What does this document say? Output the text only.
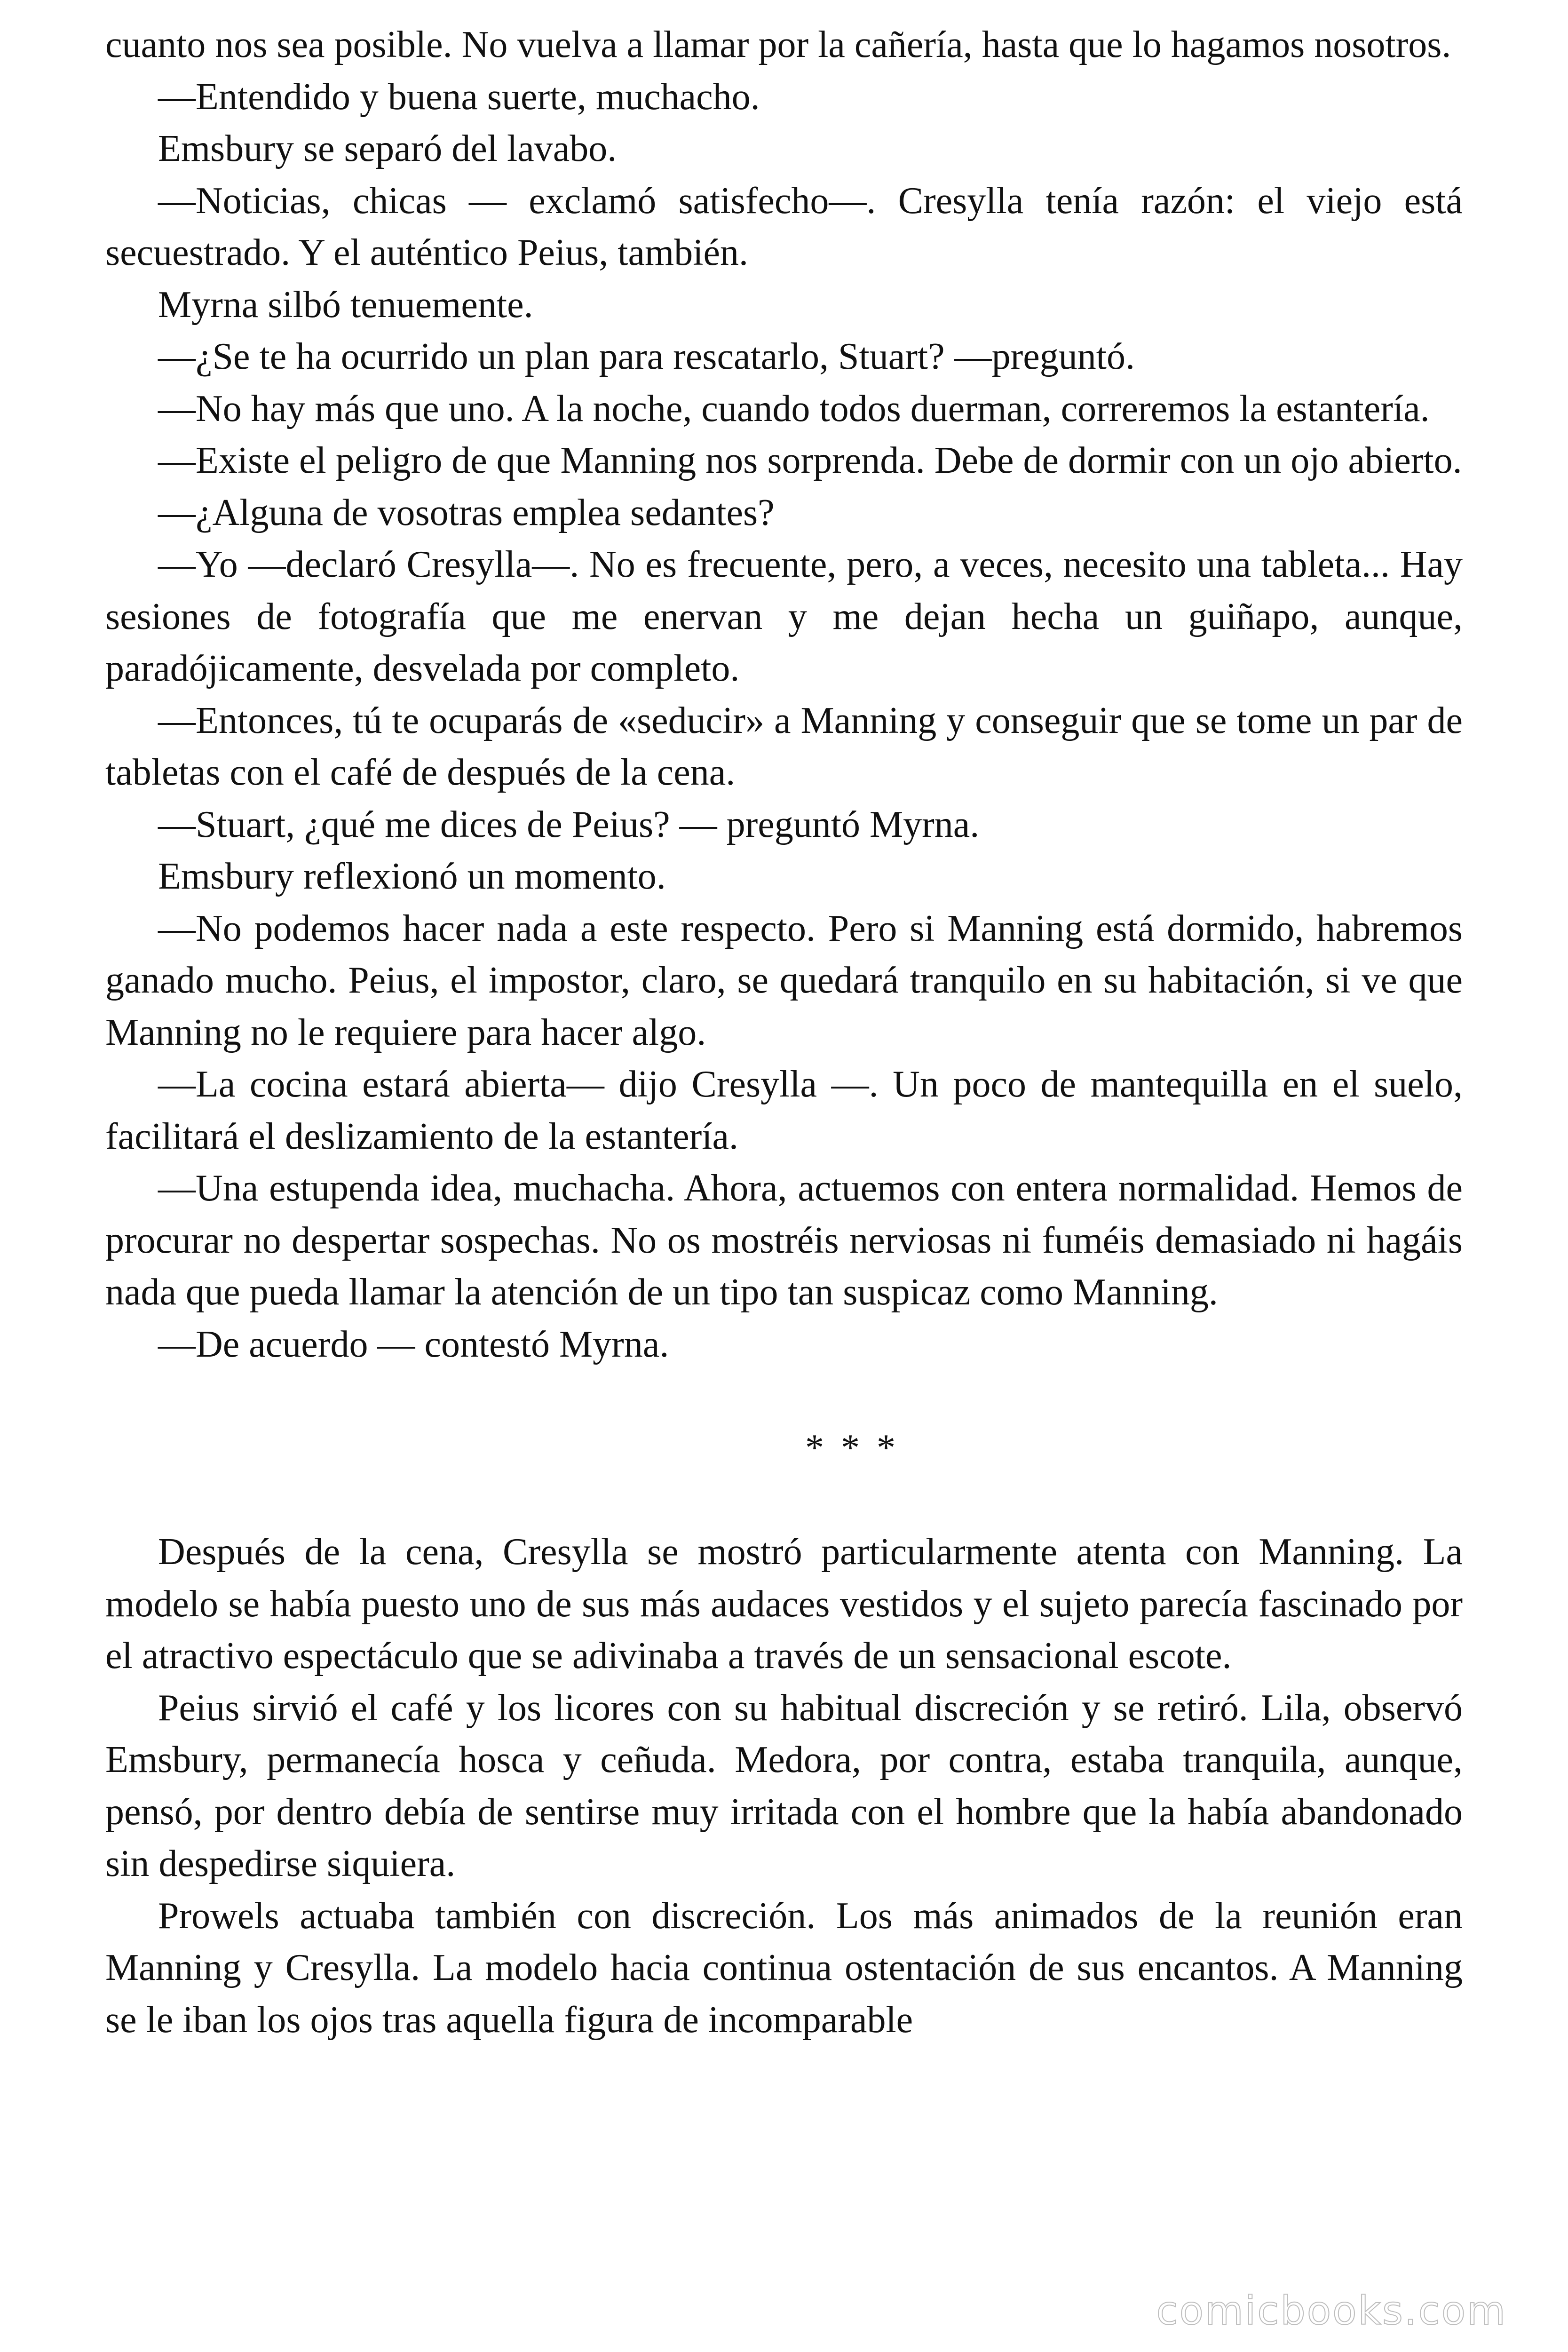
cuanto nos sea posible. No vuelva a llamar por la cañería, hasta que lo hagamos nosotros.

—Entendido y buena suerte, muchacho.

Emsbury se separó del lavabo.

—Noticias, chicas — exclamó satisfecho—. Cresylla tenía razón: el viejo está secuestrado. Y el auténtico Peius, también.

Myrna silbó tenuemente.

—¿Se te ha ocurrido un plan para rescatarlo, Stuart? —preguntó.

—No hay más que uno. A la noche, cuando todos duerman, correremos la estantería.

—Existe el peligro de que Manning nos sorprenda. Debe de dormir con un ojo abierto.

—¿Alguna de vosotras emplea sedantes?

—Yo —declaró Cresylla—. No es frecuente, pero, a veces, necesito una tableta... Hay sesiones de fotografía que me enervan y me dejan hecha un guiñapo, aunque, paradójicamente, desvelada por completo.

—Entonces, tú te ocuparás de «seducir» a Manning y conseguir que se tome un par de tabletas con el café de después de la cena.

—Stuart, ¿qué me dices de Peius? — preguntó Myrna.

Emsbury reflexionó un momento.

—No podemos hacer nada a este respecto. Pero si Manning está dormido, habremos ganado mucho. Peius, el impostor, claro, se quedará tranquilo en su habitación, si ve que Manning no le requiere para hacer algo.

—La cocina estará abierta— dijo Cresylla —. Un poco de mantequilla en el suelo, facilitará el deslizamiento de la estantería.

—Una estupenda idea, muchacha. Ahora, actuemos con entera normalidad. Hemos de procurar no despertar sospechas. No os mostréis nerviosas ni fuméis demasiado ni hagáis nada que pueda llamar la atención de un tipo tan suspicaz como Manning.

—De acuerdo — contestó Myrna.

* * *

Después de la cena, Cresylla se mostró particularmente atenta con Manning. La modelo se había puesto uno de sus más audaces vestidos y el sujeto parecía fascinado por el atractivo espectáculo que se adivinaba a través de un sensacional escote.

Peius sirvió el café y los licores con su habitual discreción y se retiró. Lila, observó Emsbury, permanecía hosca y ceñuda. Medora, por contra, estaba tranquila, aunque, pensó, por dentro debía de sentirse muy irritada con el hombre que la había abandonado sin despedirse siquiera.

Prowels actuaba también con discreción. Los más animados de la reunión eran Manning y Cresylla. La modelo hacia continua ostentación de sus encantos. A Manning se le iban los ojos tras aquella figura de incomparable

comicbooks.com
